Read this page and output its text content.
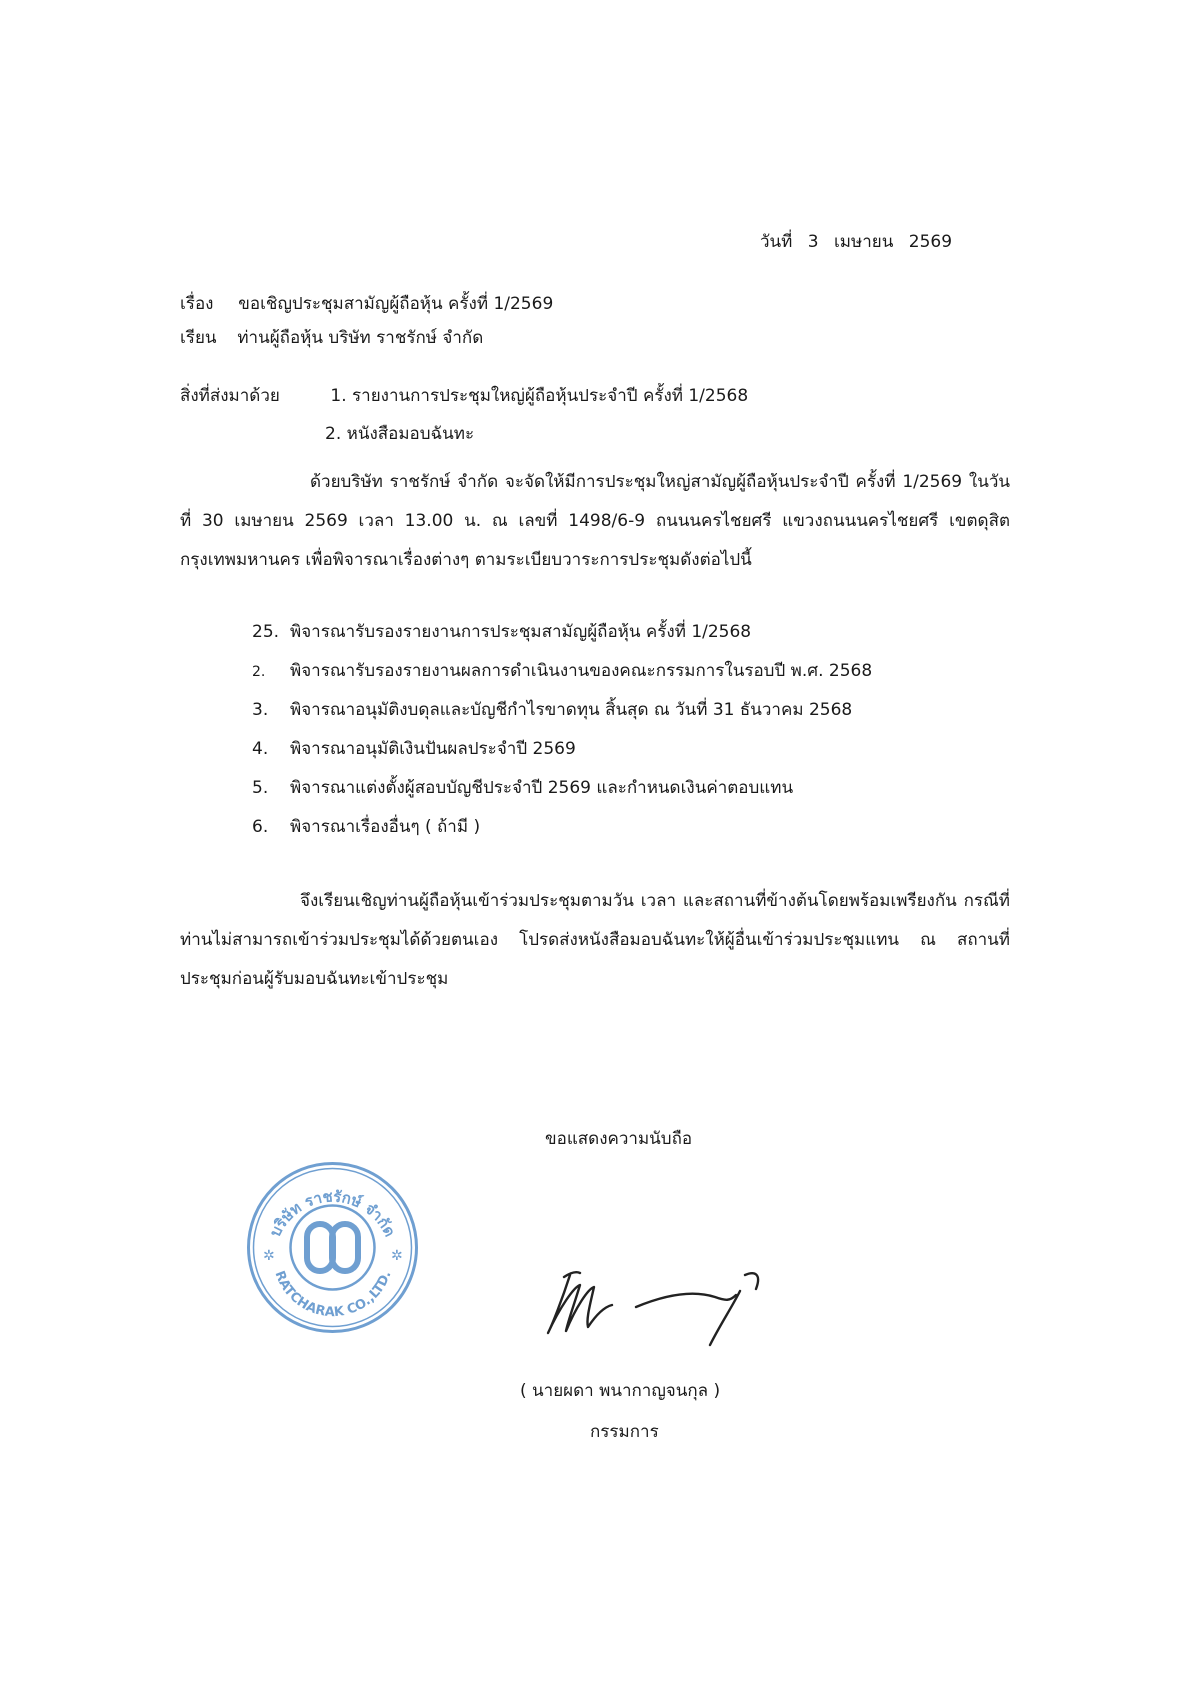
วันที่ 3 เมษายน 2569
เรื่อง ขอเชิญประชุมสามัญผู้ถือหุ้น ครั้งที่ 1/2569
เรียน ท่านผู้ถือหุ้น บริษัท ราชรักษ์ จำกัด
สิ่งที่ส่งมาด้วย	1. รายงานการประชุมใหญ่ผู้ถือหุ้นประจำปี ครั้งที่ 1/2568
2. หนังสือมอบฉันทะ

ด้วยบริษัท ราชรักษ์ จำกัด จะจัดให้มีการประชุมใหญ่สามัญผู้ถือหุ้นประจำปี ครั้งที่ 1/2569 ในวันที่ 30 เมษายน 2569 เวลา 13.00 น. ณ เลขที่ 1498/6-9 ถนนนครไชยศรี แขวงถนนนครไชยศรี เขตดุสิต กรุงเทพมหานคร เพื่อพิจารณาเรื่องต่างๆ ตามระเบียบวาระการประชุมดังต่อไปนี้

25. พิจารณารับรองรายงานการประชุมสามัญผู้ถือหุ้น ครั้งที่ 1/2568
2. พิจารณารับรองรายงานผลการดำเนินงานของคณะกรรมการในรอบปี พ.ศ. 2568
3. พิจารณาอนุมัติงบดุลและบัญชีกำไรขาดทุน สิ้นสุด ณ วันที่ 31 ธันวาคม 2568
4. พิจารณาอนุมัติเงินปันผลประจำปี 2569
5. พิจารณาแต่งตั้งผู้สอบบัญชีประจำปี 2569 และกำหนดเงินค่าตอบแทน
6. พิจารณาเรื่องอื่นๆ ( ถ้ามี )

จึงเรียนเชิญท่านผู้ถือหุ้นเข้าร่วมประชุมตามวัน เวลา และสถานที่ข้างต้นโดยพร้อมเพรียงกัน กรณีที่ท่านไม่สามารถเข้าร่วมประชุมได้ด้วยตนเอง โปรดส่งหนังสือมอบฉันทะให้ผู้อื่นเข้าร่วมประชุมแทน ณ สถานที่ประชุมก่อนผู้รับมอบฉันทะเข้าประชุม

ขอแสดงความนับถือ
บริษัท ราชรักษ์ จำกัด
RATCHARAK CO.,LTD.
✲	✲
( นายผดา พนากาญจนกุล )
กรรมการ
